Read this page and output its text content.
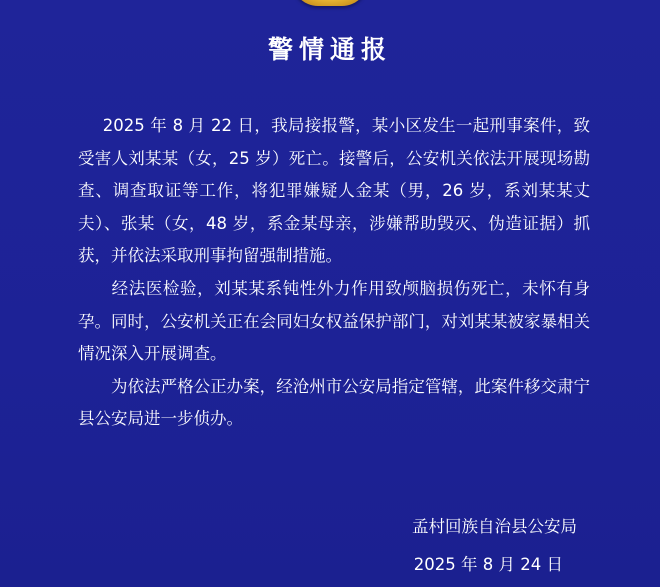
警情通报

  2025 年 8 月 22 日，我局接报警，某小区发生一起刑事案件，致受害人刘某某（女，25 岁）死亡。接警后，公安机关依法开展现场勘查、调查取证等工作，将犯罪嫌疑人金某（男，26 岁，系刘某某丈夫）、张某（女，48 岁，系金某母亲，涉嫌帮助毁灭、伪造证据）抓获，并依法采取刑事拘留强制措施。

  经法医检验，刘某某系钝性外力作用致颅脑损伤死亡，未怀有身孕。同时，公安机关正在会同妇女权益保护部门，对刘某某被家暴相关情况深入开展调查。

  为依法严格公正办案，经沧州市公安局指定管辖，此案件移交肃宁县公安局进一步侦办。

孟村回族自治县公安局
2025 年 8 月 24 日
